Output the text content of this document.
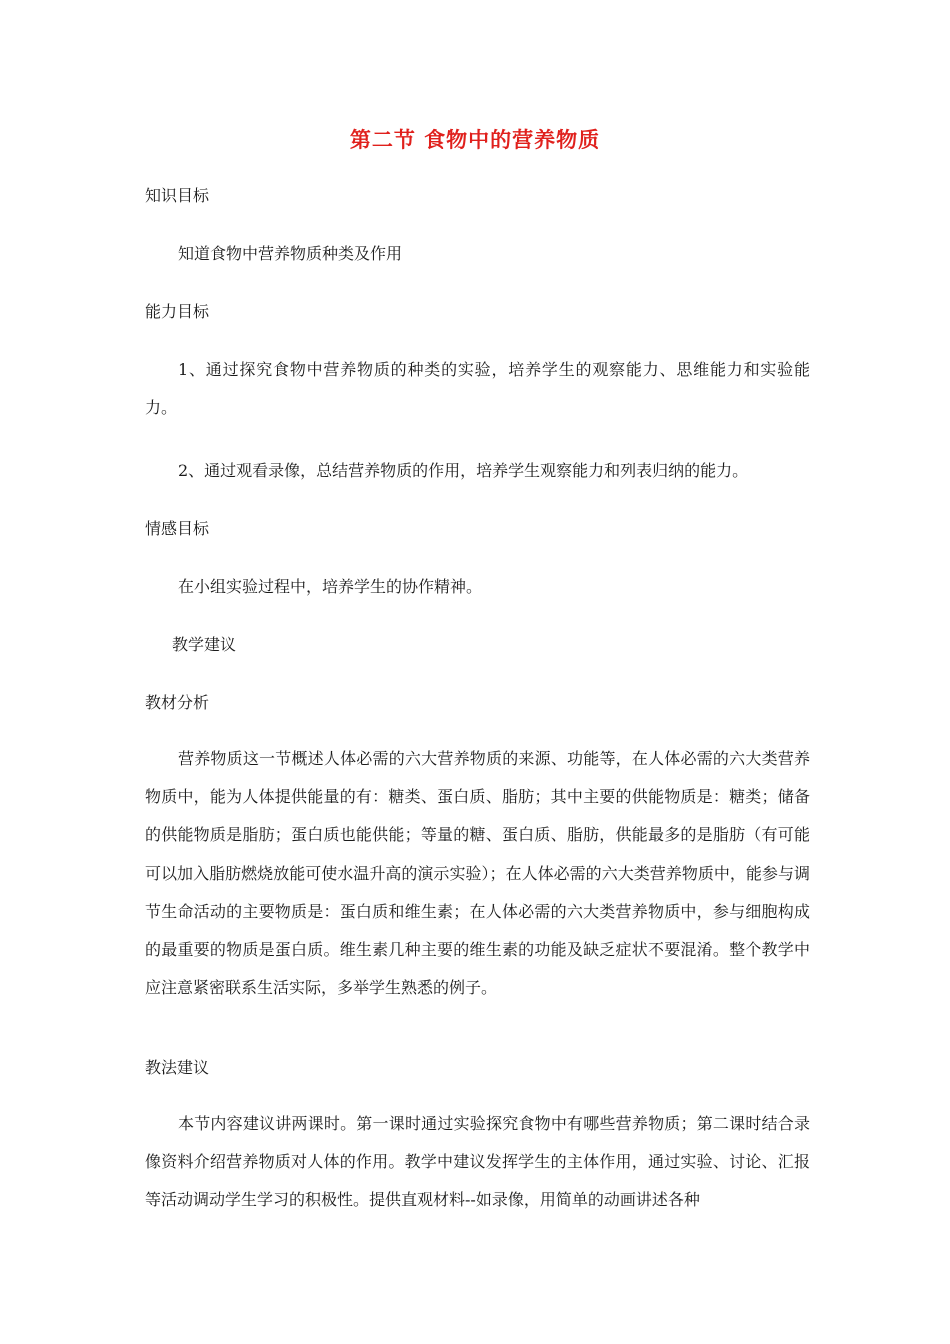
第二节 食物中的营养物质
知识目标
知道食物中营养物质种类及作用
能力目标
1、通过探究食物中营养物质的种类的实验，培养学生的观察能力、思维能力和实验能力。
2、通过观看录像，总结营养物质的作用，培养学生观察能力和列表归纳的能力。
情感目标
在小组实验过程中，培养学生的协作精神。
教学建议
教材分析
营养物质这一节概述人体必需的六大营养物质的来源、功能等，在人体必需的六大类营养物质中，能为人体提供能量的有：糖类、蛋白质、脂肪；其中主要的供能物质是：糖类；储备的供能物质是脂肪；蛋白质也能供能；等量的糖、蛋白质、脂肪，供能最多的是脂肪（有可能可以加入脂肪燃烧放能可使水温升高的演示实验）；在人体必需的六大类营养物质中，能参与调节生命活动的主要物质是：蛋白质和维生素；在人体必需的六大类营养物质中，参与细胞构成的最重要的物质是蛋白质。维生素几种主要的维生素的功能及缺乏症状不要混淆。整个教学中应注意紧密联系生活实际，多举学生熟悉的例子。
教法建议
本节内容建议讲两课时。第一课时通过实验探究食物中有哪些营养物质；第二课时结合录像资料介绍营养物质对人体的作用。教学中建议发挥学生的主体作用，通过实验、讨论、汇报等活动调动学生学习的积极性。提供直观材料--如录像，用简单的动画讲述各种
